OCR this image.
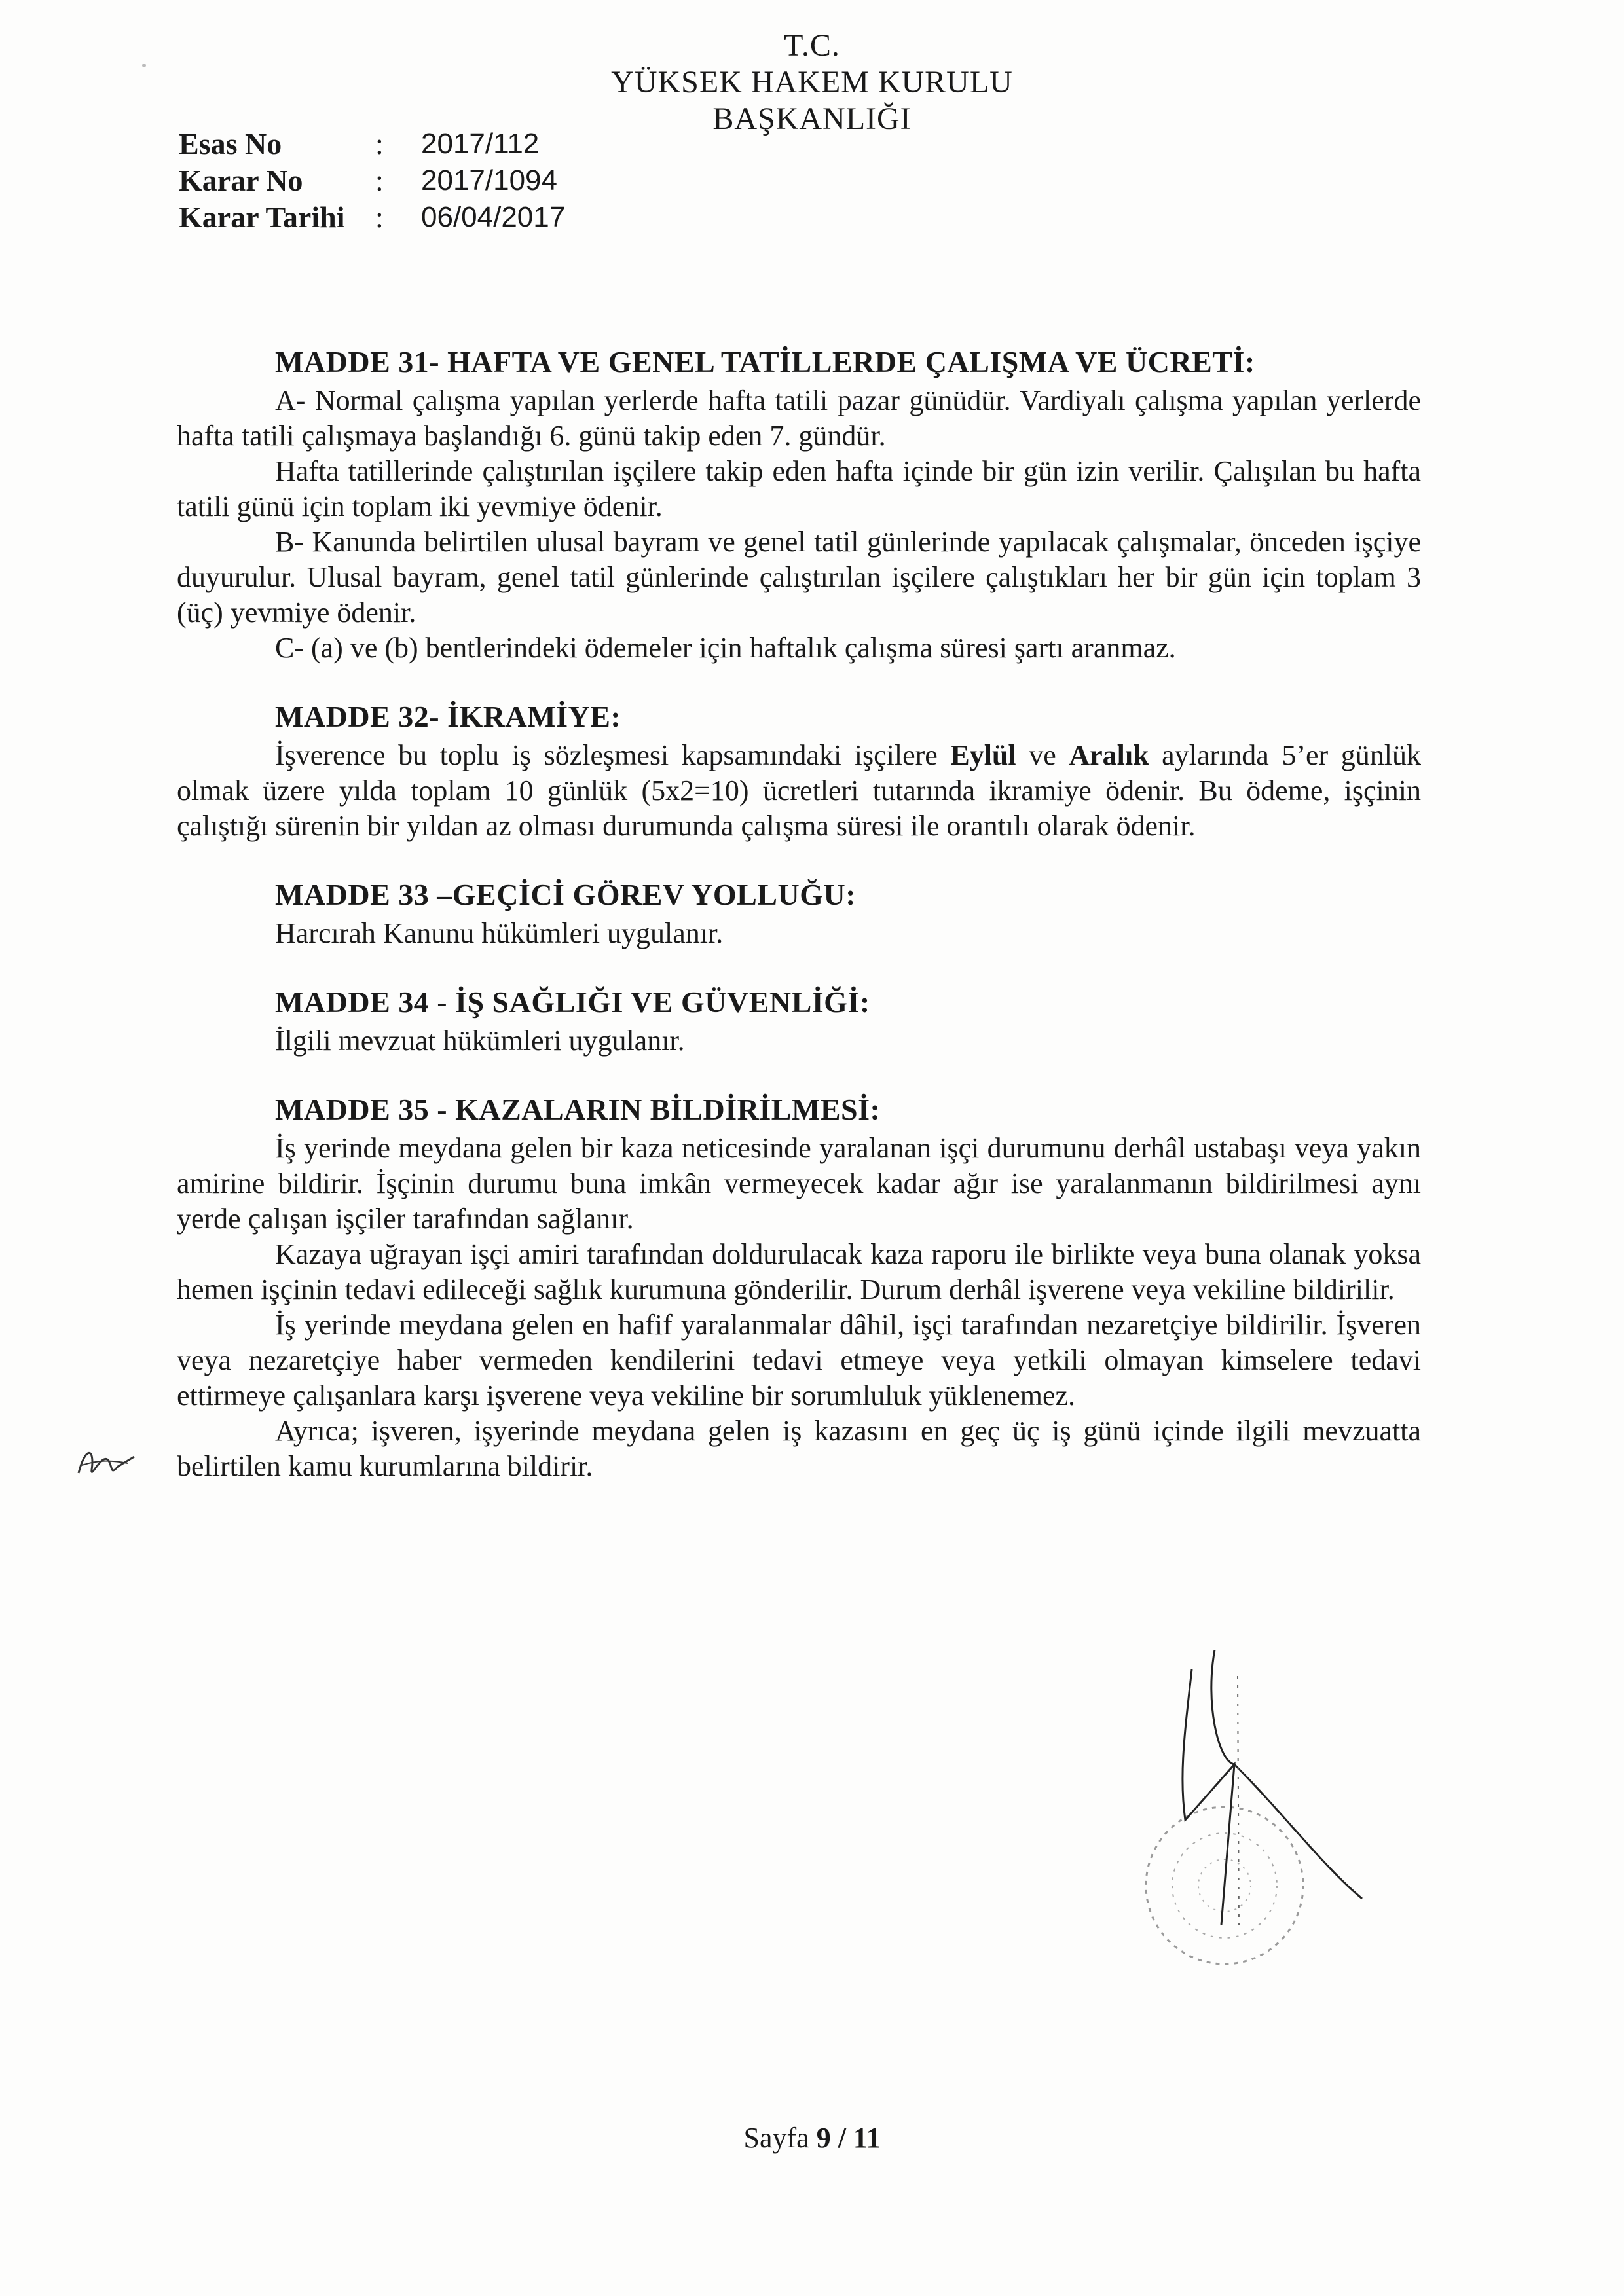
T.C.
YÜKSEK HAKEM KURULU
BAŞKANLIĞI
Esas No	:	2017/112
Karar No	:	2017/1094
Karar Tarihi	:	06/04/2017
MADDE 31- HAFTA VE GENEL TATİLLERDE ÇALIŞMA VE ÜCRETİ:

A- Normal çalışma yapılan yerlerde hafta tatili pazar günüdür. Vardiyalı çalışma yapılan yerlerde hafta tatili çalışmaya başlandığı 6. günü takip eden 7. gündür.

Hafta tatillerinde çalıştırılan işçilere takip eden hafta içinde bir gün izin verilir. Çalışılan bu hafta tatili günü için toplam iki yevmiye ödenir.

B- Kanunda belirtilen ulusal bayram ve genel tatil günlerinde yapılacak çalışmalar, önceden işçiye duyurulur. Ulusal bayram, genel tatil günlerinde çalıştırılan işçilere çalıştıkları her bir gün için toplam 3 (üç) yevmiye ödenir.

C- (a) ve (b) bentlerindeki ödemeler için haftalık çalışma süresi şartı aranmaz.

MADDE 32- İKRAMİYE:

İşverence bu toplu iş sözleşmesi kapsamındaki işçilere Eylül ve Aralık aylarında 5’er günlük olmak üzere yılda toplam 10 günlük (5x2=10) ücretleri tutarında ikramiye ödenir. Bu ödeme, işçinin çalıştığı sürenin bir yıldan az olması durumunda çalışma süresi ile orantılı olarak ödenir.

MADDE 33 –GEÇİCİ GÖREV YOLLUĞU:

Harcırah Kanunu hükümleri uygulanır.

MADDE 34 - İŞ SAĞLIĞI VE GÜVENLİĞİ:

İlgili mevzuat hükümleri uygulanır.

MADDE 35 - KAZALARIN BİLDİRİLMESİ:

İş yerinde meydana gelen bir kaza neticesinde yaralanan işçi durumunu derhâl ustabaşı veya yakın amirine bildirir. İşçinin durumu buna imkân vermeyecek kadar ağır ise yaralanmanın bildirilmesi aynı yerde çalışan işçiler tarafından sağlanır.

Kazaya uğrayan işçi amiri tarafından doldurulacak kaza raporu ile birlikte veya buna olanak yoksa hemen işçinin tedavi edileceği sağlık kurumuna gönderilir. Durum derhâl işverene veya vekiline bildirilir.

İş yerinde meydana gelen en hafif yaralanmalar dâhil, işçi tarafından nezaretçiye bildirilir. İşveren veya nezaretçiye haber vermeden kendilerini tedavi etmeye veya yetkili olmayan kimselere tedavi ettirmeye çalışanlara karşı işverene veya vekiline bir sorumluluk yüklenemez.

Ayrıca; işveren, işyerinde meydana gelen iş kazasını en geç üç iş günü içinde ilgili mevzuatta belirtilen kamu kurumlarına bildirir.

Sayfa 9 / 11
